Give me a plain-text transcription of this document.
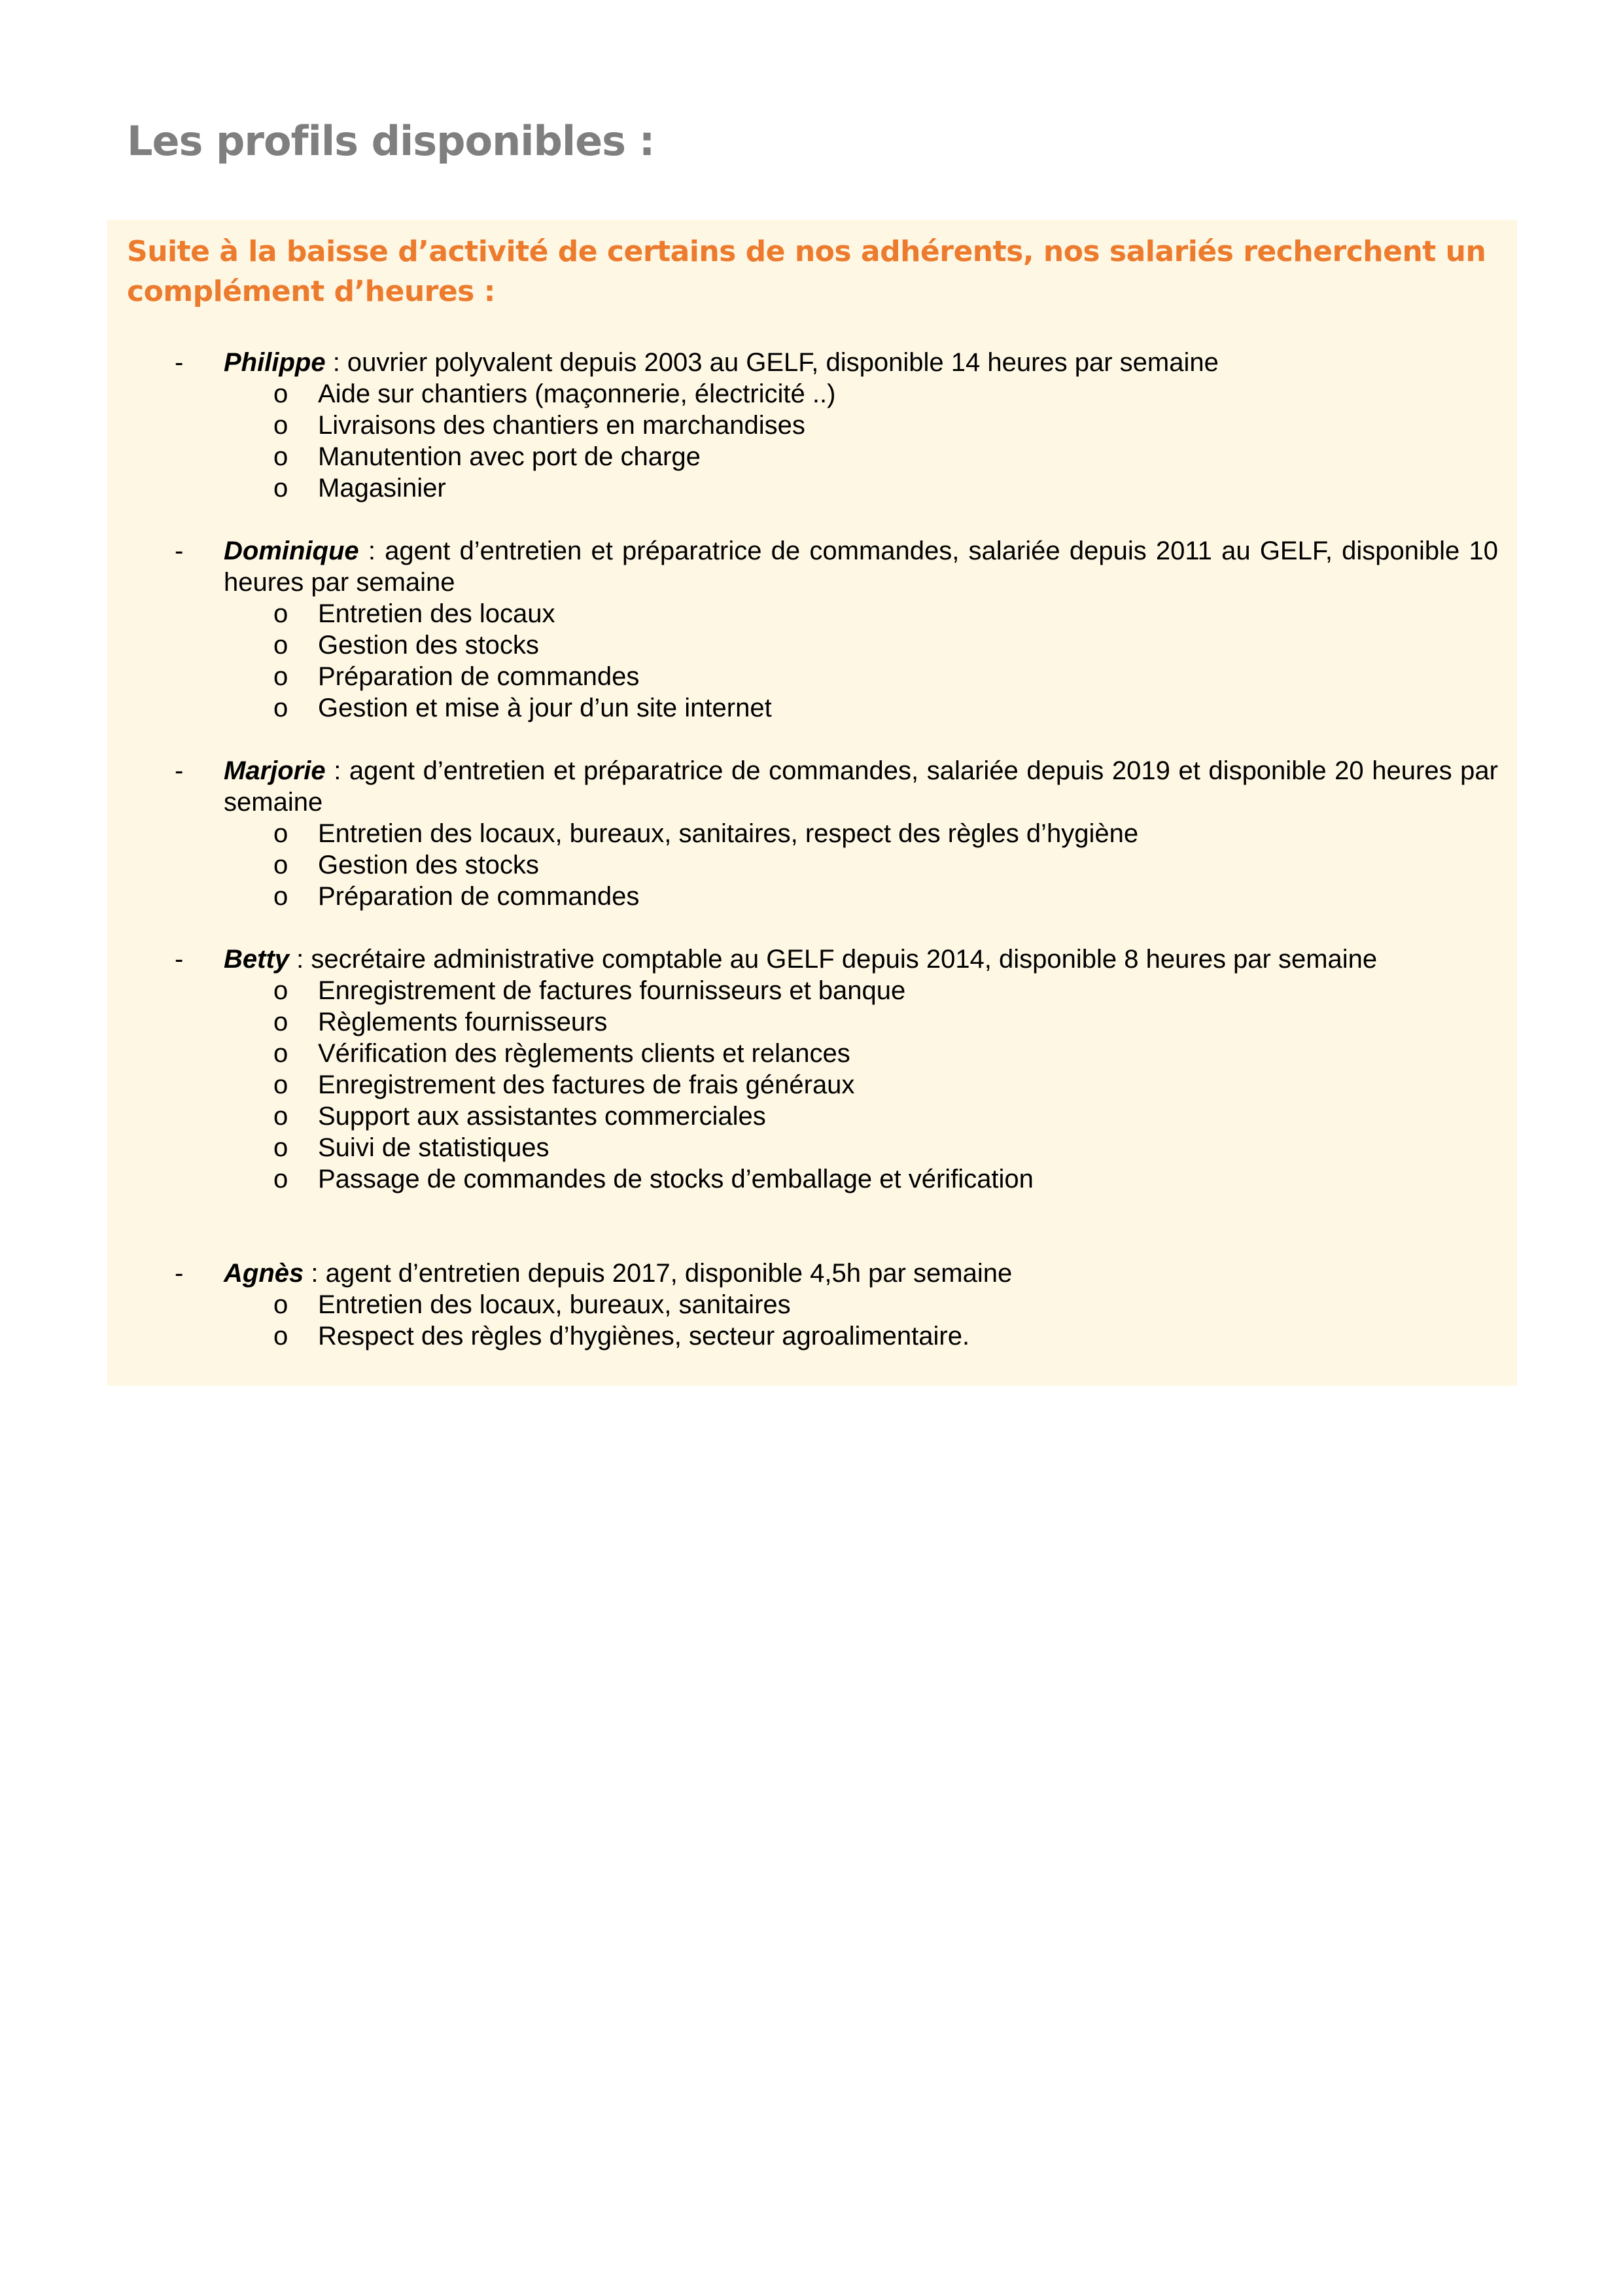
Les profils disponibles :

Suite à la baisse d’activité de certains de nos adhérents, nos salariés recherchent un complément d’heures :

- Philippe : ouvrier polyvalent depuis 2003 au GELF, disponible 14 heures par semaine

o Aide sur chantiers (maçonnerie, électricité ..)
o Livraisons des chantiers en marchandises
o Manutention avec port de charge
o Magasinier
- Dominique : agent d’entretien et préparatrice de commandes, salariée depuis 2011 au GELF, disponible 10 heures par semaine

o Entretien des locaux
o Gestion des stocks
o Préparation de commandes
o Gestion et mise à jour d’un site internet
- Marjorie : agent d’entretien et préparatrice de commandes, salariée depuis 2019 et disponible 20 heures par semaine

o Entretien des locaux, bureaux, sanitaires, respect des règles d’hygiène
o Gestion des stocks
o Préparation de commandes
- Betty : secrétaire administrative comptable au GELF depuis 2014, disponible 8 heures par semaine

o Enregistrement de factures fournisseurs et banque
o Règlements fournisseurs
o Vérification des règlements clients et relances
o Enregistrement des factures de frais généraux
o Support aux assistantes commerciales
o Suivi de statistiques
o Passage de commandes de stocks d’emballage et vérification
- Agnès : agent d’entretien depuis 2017, disponible 4,5h par semaine

o Entretien des locaux, bureaux, sanitaires
o Respect des règles d’hygiènes, secteur agroalimentaire.
